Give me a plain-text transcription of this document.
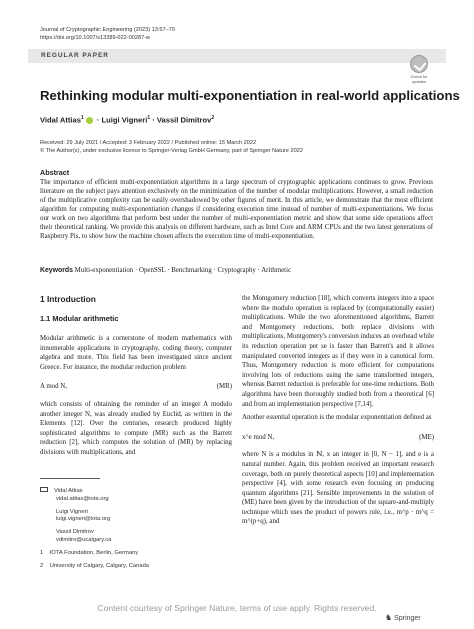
Journal of Cryptographic Engineering (2023) 13:57–70
https://doi.org/10.1007/s13389-022-00287-w
REGULAR PAPER
Check for updates
Rethinking modular multi-exponentiation in real-world applications
Vidal Attias$^1$ · Luigi Vigneri$^1$ · Vassil Dimitrov$^2$
Received: 29 July 2021 / Accepted: 3 February 2022 / Published online: 15 March 2022
© The Author(s), under exclusive licence to Springer-Verlag GmbH Germany, part of Springer Nature 2022
Abstract
The importance of efficient multi-exponentiation algorithms in a large spectrum of cryptographic applications continues to grow. Previous literature on the subject pays attention exclusively on the minimization of the number of modular multiplications. However, a small reduction of the multiplicative complexity can be easily overshadowed by other figures of merit. In this article, we demonstrate that the most efficient algorithm for computing multi-exponentiation changes if considering execution time instead of number of multi-exponentiations. We focus our work on two algorithms that perform best under the number of multi-exponentiation metric and show that some side operations affect their theoretical ranking. We provide this analysis on different hardware, such as Intel Core and ARM CPUs and the two latest generations of Raspberry Pis, to show how the machine chosen affects the execution time of multi-exponentiation.
Keywords Multi-exponentiation · OpenSSL · Benchmarking · Cryptography · Arithmetic
1 Introduction
1.1 Modular arithmetic
Modular arithmetic is a cornerstone of modern mathematics with innumerable applications in cryptography, coding theory, computer algebra and more. This field has been investigated since ancient Greece. For instance, the modular reduction problem
A mod N,	(MR)
which consists of obtaining the reminder of an integer A modulo another integer N, was already studied by Euclid, as written in the Elements [12]. Over the centuries, research produced highly sophisticated algorithms to compute (MR) such as the Barrett reduction [2], which computes the solution of (MR) by replacing divisions with multiplications, and
the Montgomery reduction [18], which converts integers into a space where the modulo operation is replaced by (computationally easier) multiplications. While the two aforementioned algorithms, Barrett and Montgomery reductions, both replace divisions with multiplications, Montgomery's conversion induces an overhead while its reduction operation per se is faster than Barrett's and it allows manipulated converted integers as if they were in a canonical form. Thus, Montgomery reduction is more efficient for computations involving lots of reductions using the same transformed integers, whereas Barrett reduction is preferable for one-time reductions. Both algorithms have been thoroughly studied both from a theoretical [6] and from an implementation perspective [7,14].
Another essential operation is the modular exponentiation defined as
x^e mod N,	(ME)
where N is a modulus in ℕ, x an integer in [0, N − 1], and e is a natural number. Again, this problem received an important research coverage, both on purely theoretical aspects [10] and implementation perspective [4], with some research even focusing on producing quantum algorithms [21]. Sensible improvements in the solution of (ME) have been given by the introduction of the square-and-multiply technique which uses the product of powers rule, i.e., m^p · m^q = m^(p+q), and
Vidal Attias
vidal.attias@iota.org
Luigi Vigneri
luigi.vigneri@iota.org
Vassil Dimitrov
vdimitro@ucalgary.ca
1 IOTA Foundation, Berlin, Germany
2 University of Calgary, Calgary, Canada
Content courtesy of Springer Nature, terms of use apply. Rights reserved.
♞ Springer
